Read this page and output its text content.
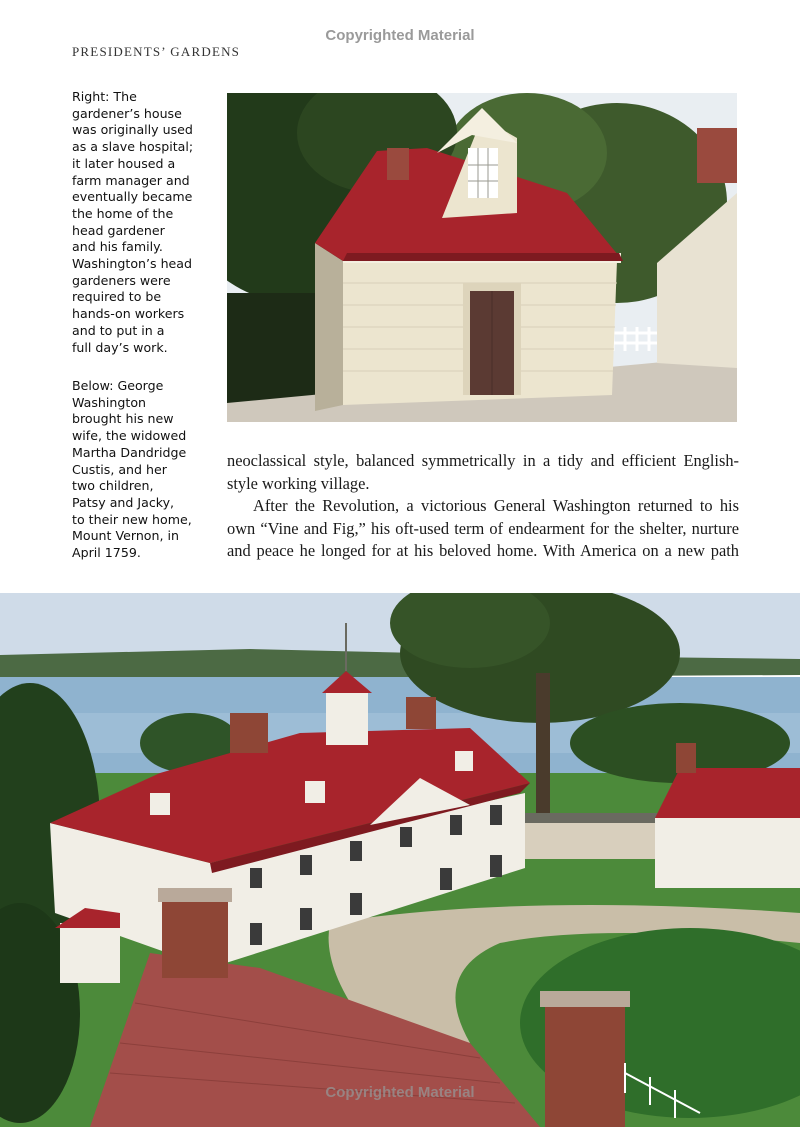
Copyrighted Material
PRESIDENTS’ GARDENS
Right: The
gardener’s house
was originally used
as a slave hospital;
it later housed a
farm manager and
eventually became
the home of the
head gardener
and his family.
Washington’s head
gardeners were
required to be
hands-on workers
and to put in a
full day’s work.
Below: George
Washington
brought his new
wife, the widowed
Martha Dandridge
Custis, and her
two children,
Patsy and Jacky,
to their new home,
Mount Vernon, in
April 1759.

neoclassical style, balanced symmetrically in a tidy and efficient English-style working village.

After the Revolution, a victorious General Washington returned to his own “Vine and Fig,” his oft-used term of endearment for the shelter, nurture and peace he longed for at his beloved home. With America on a new path

Copyrighted Material
